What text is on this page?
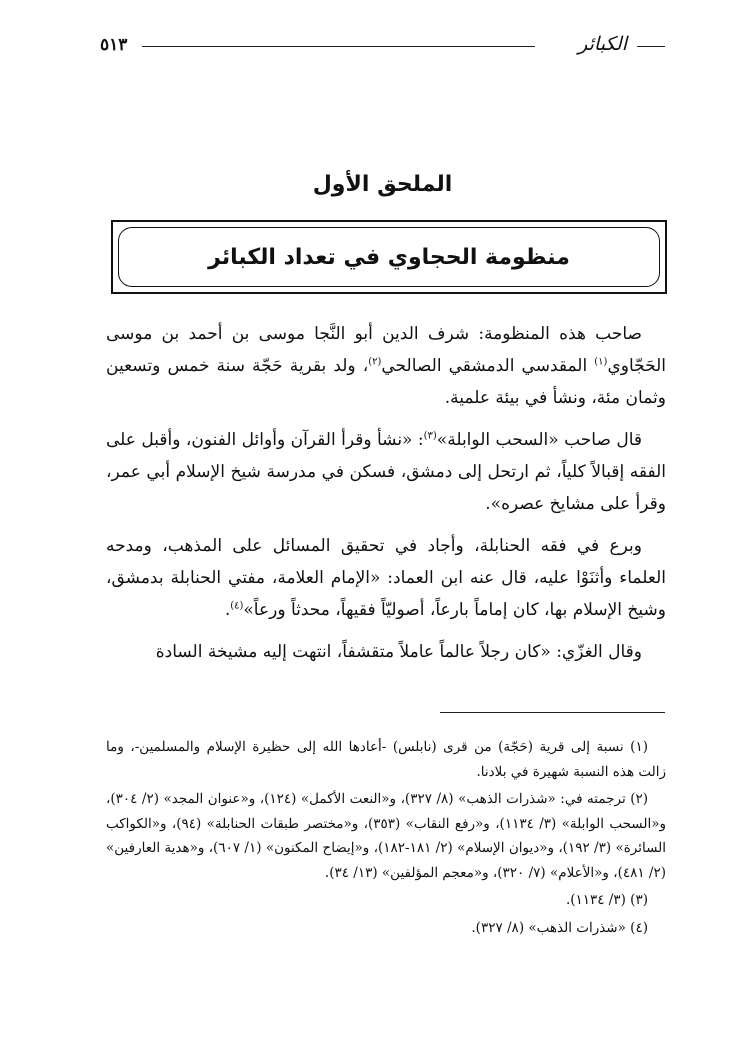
٥١٣	الكبائر
الملحق الأول
منظومة الحجاوي في تعداد الكبائر

صاحب هذه المنظومة: شرف الدين أبو النَّجا موسى بن أحمد بن موسى الحَجّاوي$^{(١)}$ المقدسي الدمشقي الصالحي$^{(٢)}$، ولد بقرية حَجّة سنة خمس وتسعين وثمان مئة، ونشأ في بيئة علمية.

قال صاحب «السحب الوابلة»$^{(٣)}$: «نشأ وقرأ القرآن وأوائل الفنون، وأقبل على الفقه إقبالاً كلياً، ثم ارتحل إلى دمشق، فسكن في مدرسة شيخ الإسلام أبي عمر، وقرأ على مشايخ عصره».

وبرع في فقه الحنابلة، وأجاد في تحقيق المسائل على المذهب، ومدحه العلماء وأثنَوْا عليه، قال عنه ابن العماد: «الإمام العلامة، مفتي الحنابلة بدمشق، وشيخ الإسلام بها، كان إماماً بارعاً، أصوليّاً فقيهاً، محدثاً ورعاً»$^{(٤)}$.

وقال الغزّي: «كان رجلاً عالماً عاملاً متقشفاً، انتهت إليه مشيخة السادة

(١) نسبة إلى قرية (حَجّة) من قرى (نابلس) -أعادها الله إلى حظيرة الإسلام والمسلمين-، وما زالت هذه النسبة شهيرة في بلادنا.

(٢) ترجمته في: «شذرات الذهب» (٨/ ٣٢٧)، و«النعت الأكمل» (١٢٤)، و«عنوان المجد» (٢/ ٣٠٤)، و«السحب الوابلة» (٣/ ١١٣٤)، و«رفع النقاب» (٣٥٣)، و«مختصر طبقات الحنابلة» (٩٤)، و«الكواكب السائرة» (٣/ ١٩٢)، و«ديوان الإسلام» (٢/ ١٨١-١٨٢)، و«إيضاح المكنون» (١/ ٦٠٧)، و«هدية العارفين» (٢/ ٤٨١)، و«الأعلام» (٧/ ٣٢٠)، و«معجم المؤلفين» (١٣/ ٣٤).

(٣) (٣/ ١١٣٤).

(٤) «شذرات الذهب» (٨/ ٣٢٧).
